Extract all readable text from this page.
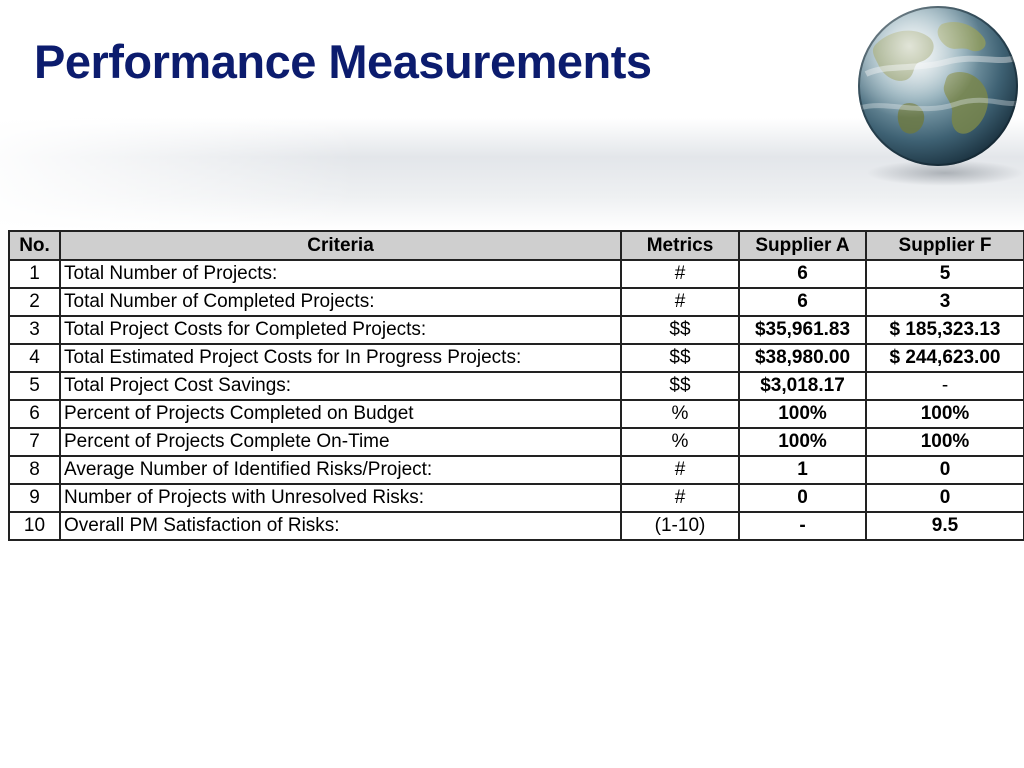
Performance Measurements
No.	Criteria	Metrics	Supplier A	Supplier F
1	Total Number of Projects:	#	6	5
2	Total Number of Completed Projects:	#	6	3
3	Total Project Costs for Completed Projects:	$$	$35,961.83	$ 185,323.13
4	Total Estimated Project Costs for In Progress Projects:	$$	$38,980.00	$ 244,623.00
5	Total Project Cost Savings:	$$	$3,018.17	-
6	Percent of Projects Completed on Budget	%	100%	100%
7	Percent of Projects Complete On-Time	%	100%	100%
8	Average Number of Identified Risks/Project:	#	1	0
9	Number of Projects with Unresolved Risks:	#	0	0
10	Overall PM Satisfaction of Risks:	(1-10)	-	9.5
